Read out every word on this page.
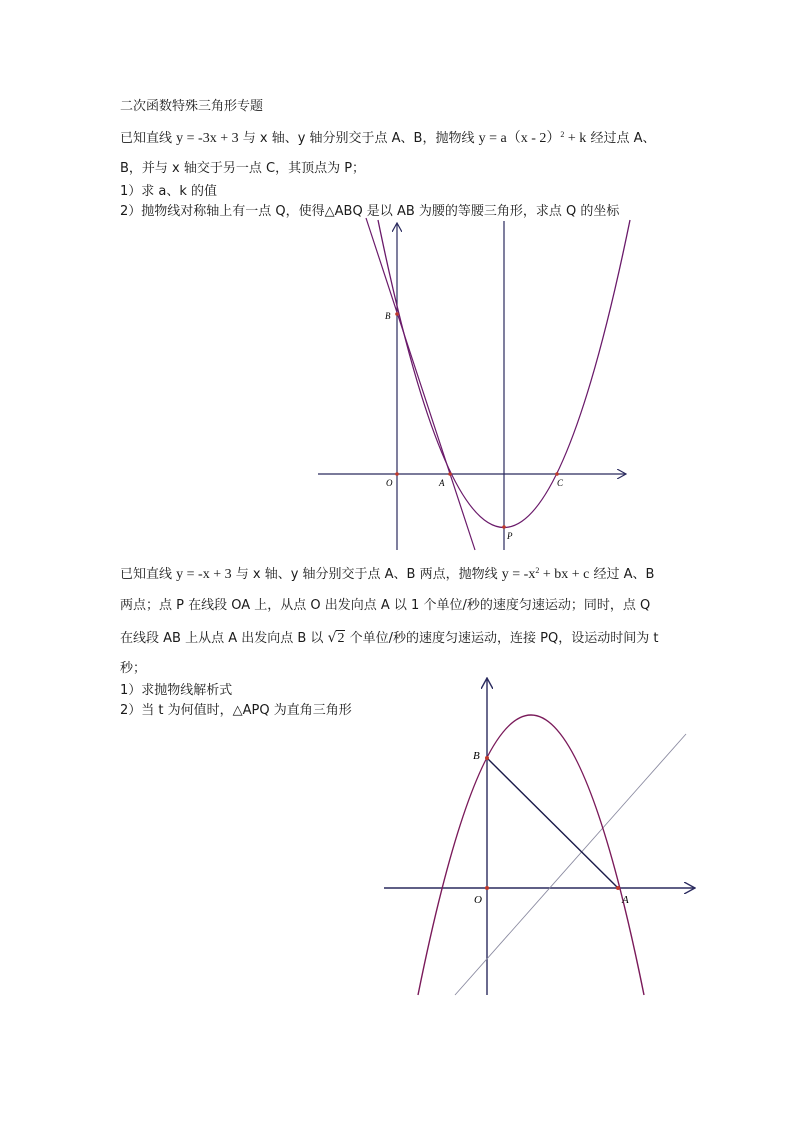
二次函数特殊三角形专题
已知直线 y = -3x + 3 与 x 轴、y 轴分别交于点 A、B，抛物线 y = a（x - 2）$^2$ + k 经过点 A、
B，并与 x 轴交于另一点 C，其顶点为 P；
1）求 a、k 的值
2）抛物线对称轴上有一点 Q，使得△ABQ 是以 AB 为腰的等腰三角形，求点 Q 的坐标
已知直线 y = -x + 3 与 x 轴、y 轴分别交于点 A、B 两点，抛物线 $y = -x^2$ + bx + c 经过 A、B
两点；点 P 在线段 OA 上，从点 O 出发向点 A 以 1 个单位/秒的速度匀速运动；同时，点 Q
在线段 AB 上从点 A 出发向点 B 以 √2 个单位/秒的速度匀速运动，连接 PQ，设运动时间为 t
秒；
1）求抛物线解析式
2）当 t 为何值时，△APQ 为直角三角形
B
O	A	C
P
B
O	A
